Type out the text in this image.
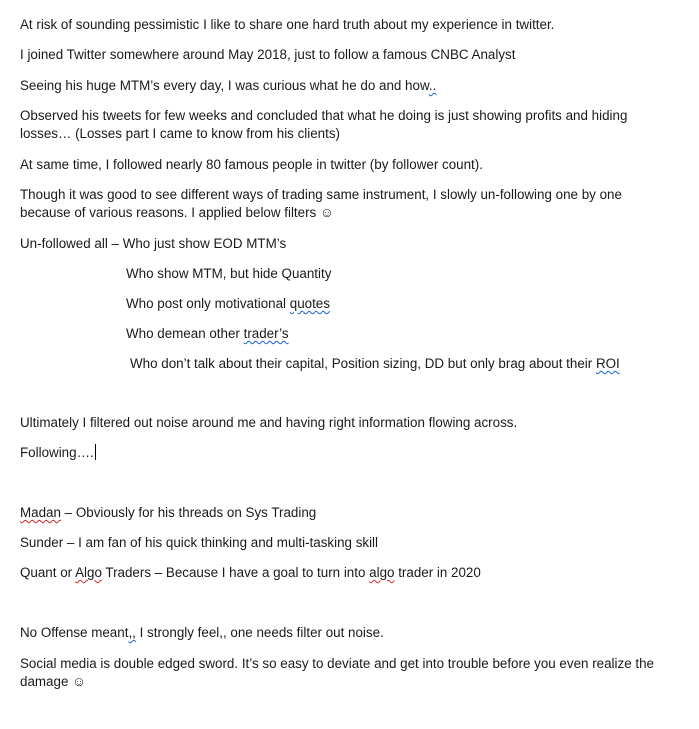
At risk of sounding pessimistic I like to share one hard truth about my experience in twitter.
I joined Twitter somewhere around May 2018, just to follow a famous CNBC Analyst
Seeing his huge MTM’s every day, I was curious what he do and how..
Observed his tweets for few weeks and concluded that what he doing is just showing profits and hiding losses… (Losses part I came to know from his clients)
At same time, I followed nearly 80 famous people in twitter (by follower count).
Though it was good to see different ways of trading same instrument, I slowly un-following one by one because of various reasons. I applied below filters ☺
Un-followed all – Who just show EOD MTM’s
Who show MTM, but hide Quantity
Who post only motivational quotes
Who demean other trader’s
Who don’t talk about their capital, Position sizing, DD but only brag about their ROI
Ultimately I filtered out noise around me and having right information flowing across.
Following….
Madan – Obviously for his threads on Sys Trading
Sunder – I am fan of his quick thinking and multi-tasking skill
Quant or Algo Traders – Because I have a goal to turn into algo trader in 2020
No Offense meant,, I strongly feel,, one needs filter out noise.
Social media is double edged sword. It’s so easy to deviate and get into trouble before you even realize the damage ☺
